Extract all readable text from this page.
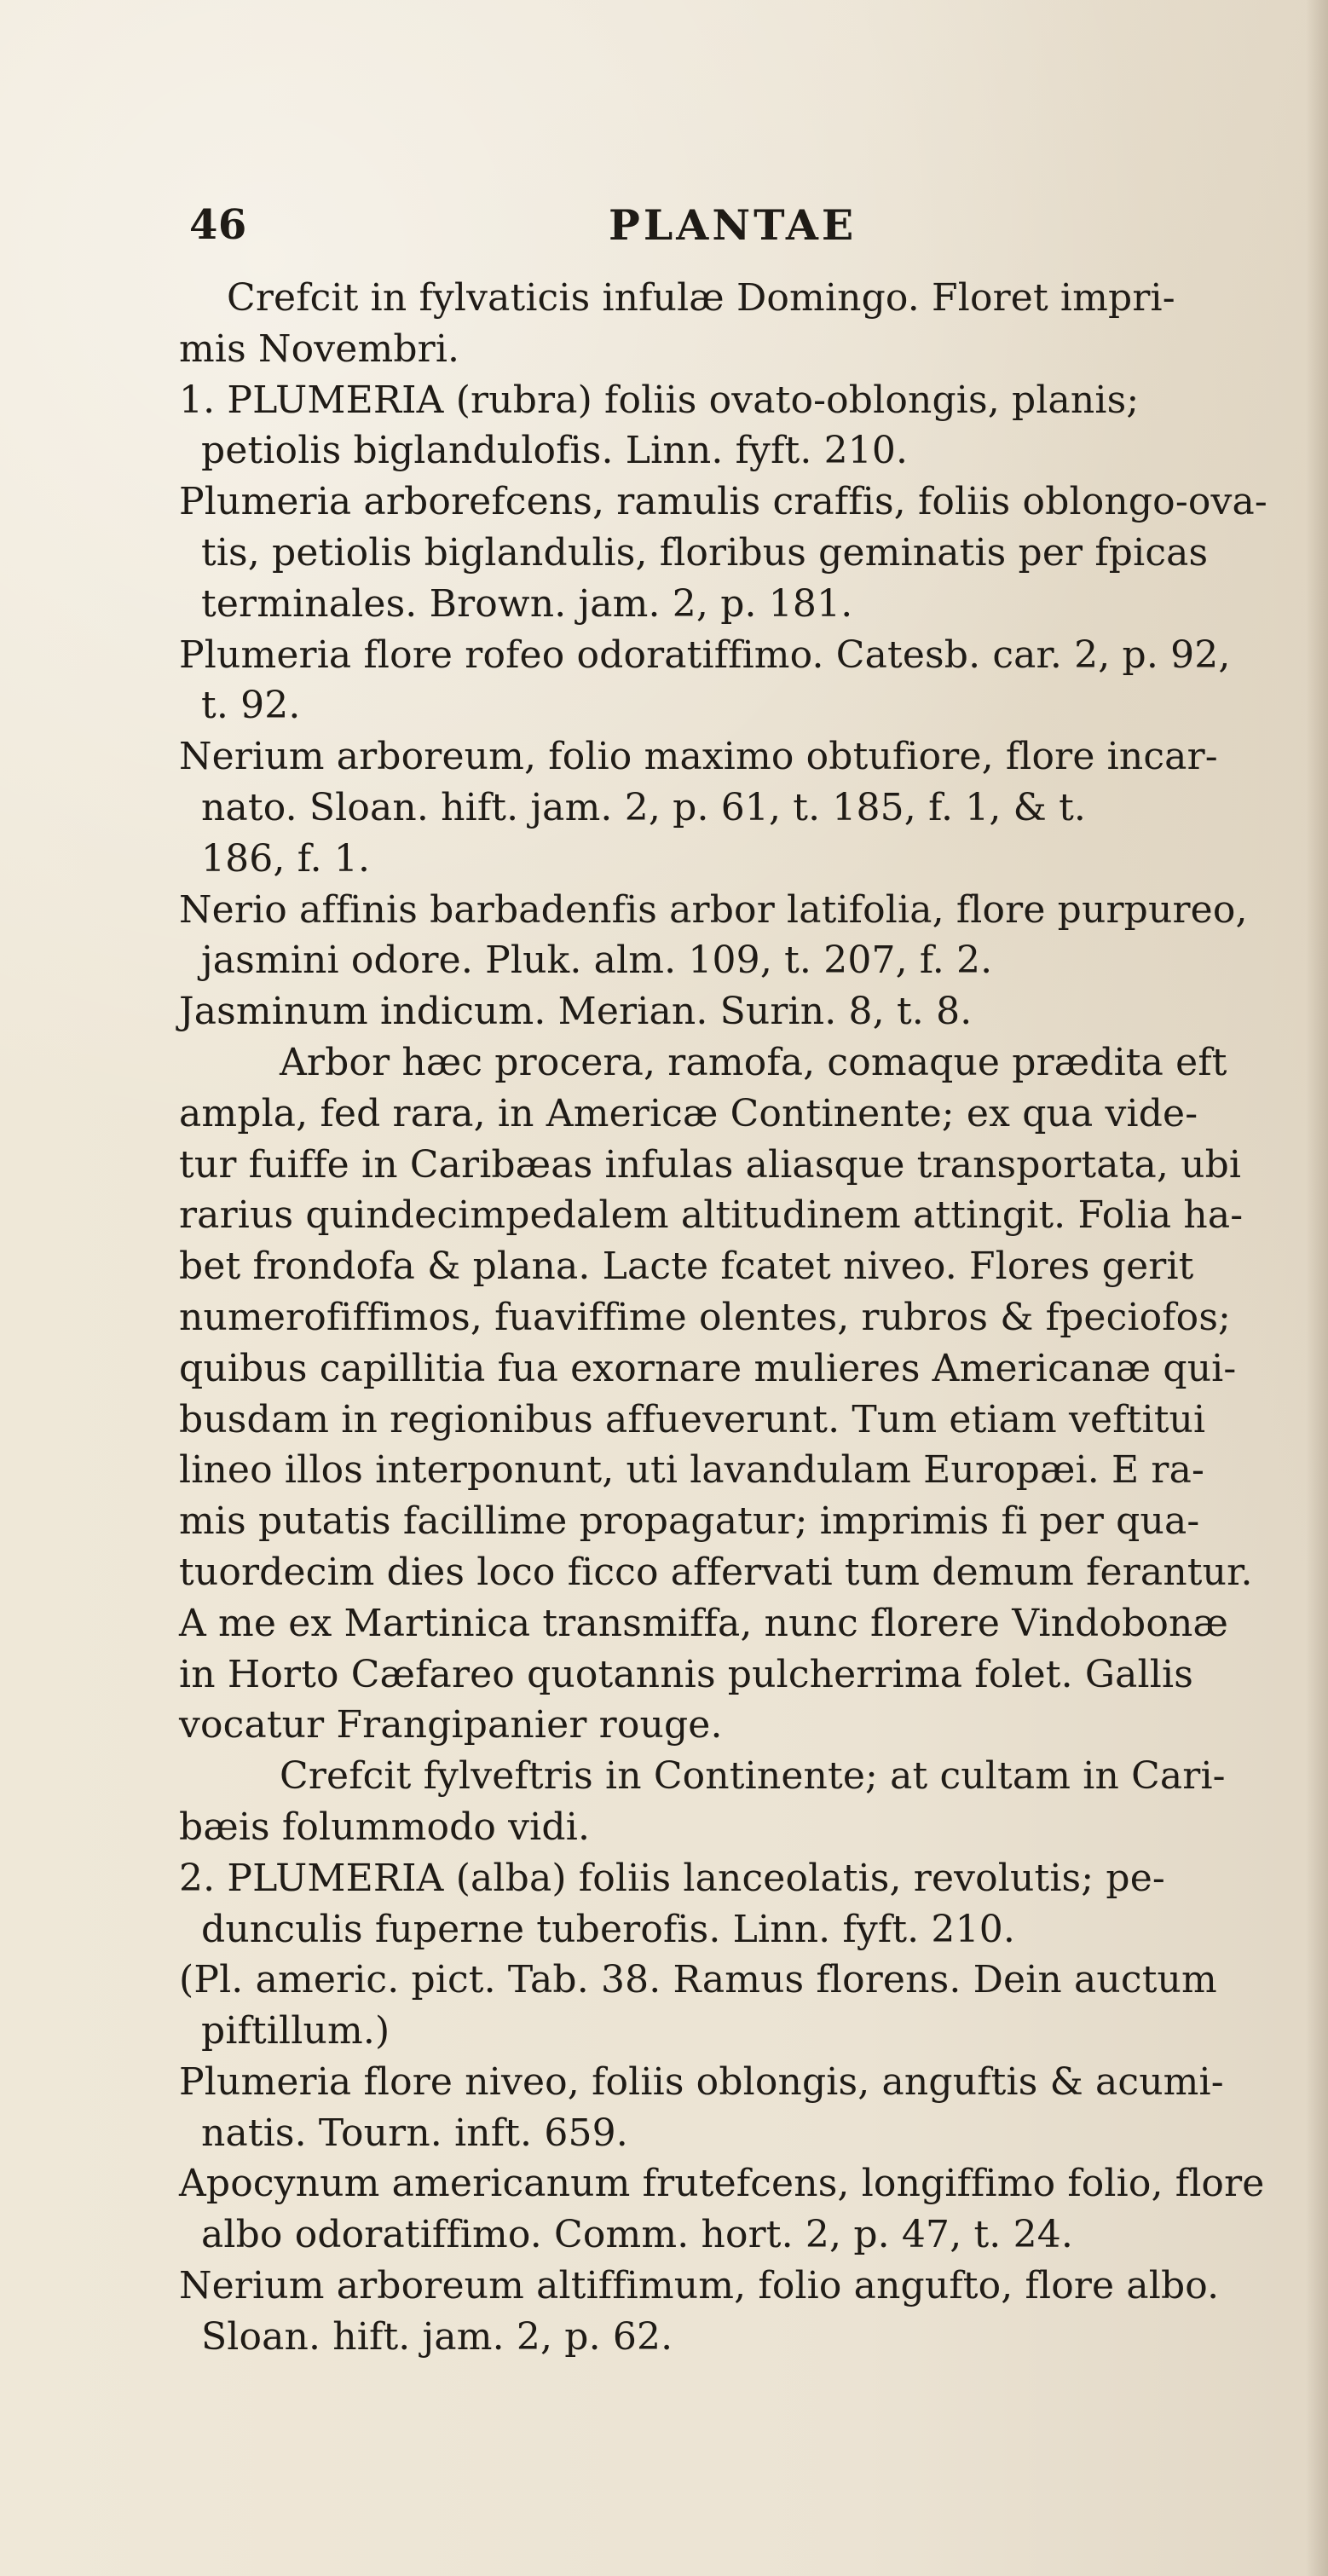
46	PLANTAE
Crefcit in fylvaticis infulæ Domingo. Floret impri-
mis Novembri.
1. PLUMERIA (rubra) foliis ovato-oblongis, planis;
petiolis biglandulofis. Linn. fyft. 210.
Plumeria arborefcens, ramulis craffis, foliis oblongo-ova-
tis, petiolis biglandulis, floribus geminatis per fpicas
terminales. Brown. jam. 2, p. 181.
Plumeria flore rofeo odoratiffimo. Catesb. car. 2, p. 92,
t. 92.
Nerium arboreum, folio maximo obtufiore, flore incar-
nato. Sloan. hift. jam. 2, p. 61, t. 185, f. 1, & t.
186, f. 1.
Nerio affinis barbadenfis arbor latifolia, flore purpureo,
jasmini odore. Pluk. alm. 109, t. 207, f. 2.
Jasminum indicum. Merian. Surin. 8, t. 8.
Arbor hæc procera, ramofa, comaque prædita eft
ampla, fed rara, in Americæ Continente; ex qua vide-
tur fuiffe in Caribæas infulas aliasque transportata, ubi
rarius quindecimpedalem altitudinem attingit. Folia ha-
bet frondofa & plana. Lacte fcatet niveo. Flores gerit
numerofiffimos, fuaviffime olentes, rubros & fpeciofos;
quibus capillitia fua exornare mulieres Americanæ qui-
busdam in regionibus affueverunt. Tum etiam veftitui
lineo illos interponunt, uti lavandulam Europæi. E ra-
mis putatis facillime propagatur; imprimis fi per qua-
tuordecim dies loco ficco affervati tum demum ferantur.
A me ex Martinica transmiffa, nunc florere Vindobonæ
in Horto Cæfareo quotannis pulcherrima folet. Gallis
vocatur Frangipanier rouge.
Crefcit fylveftris in Continente; at cultam in Cari-
bæis folummodo vidi.
2. PLUMERIA (alba) foliis lanceolatis, revolutis; pe-
dunculis fuperne tuberofis. Linn. fyft. 210.
(Pl. americ. pict. Tab. 38. Ramus florens. Dein auctum
piftillum.)
Plumeria flore niveo, foliis oblongis, anguftis & acumi-
natis. Tourn. inft. 659.
Apocynum americanum frutefcens, longiffimo folio, flore
albo odoratiffimo. Comm. hort. 2, p. 47, t. 24.
Nerium arboreum altiffimum, folio angufto, flore albo.
Sloan. hift. jam. 2, p. 62.
